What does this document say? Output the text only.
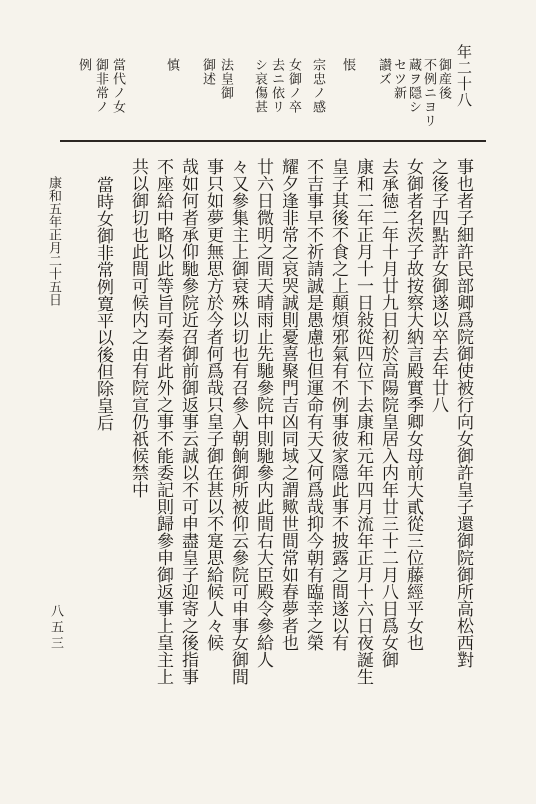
年二十八
御産後
不例ニヨリ
蔵ヲ隠シ
セツ新
讃ズ
悵
宗忠ノ感
女御ノ卒
去ニ依リ
シ哀傷甚
法皇御
慎 御述
當代ノ女
御非常ノ
例
事也者子細許民部卿爲院御使被行向女御許皇子還御院御所高松西對
之後子四點許女御遂以卒去年廿八
女御者名茨子故按察大納言殿實季卿女母前大貳從三位藤經平女也
去承徳二年十月廿九日初於高陽院皇居入内年廿三十二月八日爲女御
康和二年正月十一日敍從四位下去康和元年四月流年正月十六日夜誕生
皇子其後不食之上顛煩邪氣有不例事彼家隱此事不披露之間遂以有
不吉事早不祈請誠是愚慮也但運命有天又何爲哉抑今朝有臨幸之榮
耀夕逢非常之哀哭誠則憂喜聚門吉凶同域之謂歟世間常如春夢者也
廿六日微明之間天晴雨止先馳參院中則馳參内此間右大臣殿令參給人
々又參集主上御衰殊以切也有召參入朝餉御所被仰云參院可申事女御間
事只如夢更無思方於今者何爲哉只皇子御在甚以不寔思給候人々候
哉如何者承仰馳參院近召御前御返事云誠以不可申盡皇子迎寄之後指事
不座給中略以此等旨可奏者此外之事不能委記則歸參申御返事上皇主上
共以御切也此間可候内之由有院宣仍祇候禁中
當時女御非常例寛平以後但除皇后
康和五年正月二十五日
八五三
